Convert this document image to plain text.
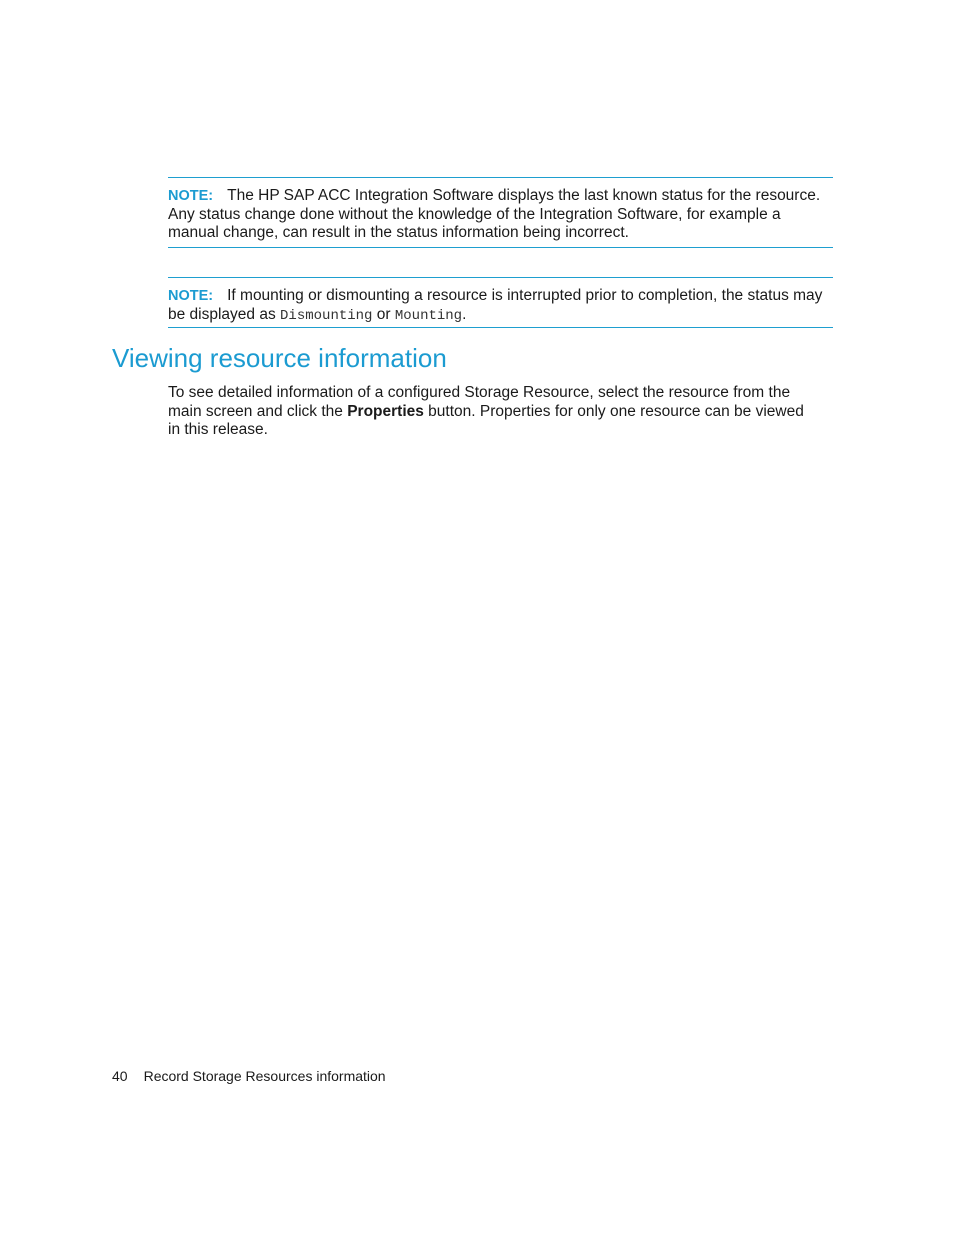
NOTE: The HP SAP ACC Integration Software displays the last known status for the resource. Any status change done without the knowledge of the Integration Software, for example a manual change, can result in the status information being incorrect.
NOTE: If mounting or dismounting a resource is interrupted prior to completion, the status may be displayed as Dismounting or Mounting.
Viewing resource information

To see detailed information of a configured Storage Resource, select the resource from the main screen and click the Properties button. Properties for only one resource can be viewed in this release.

40 Record Storage Resources information
